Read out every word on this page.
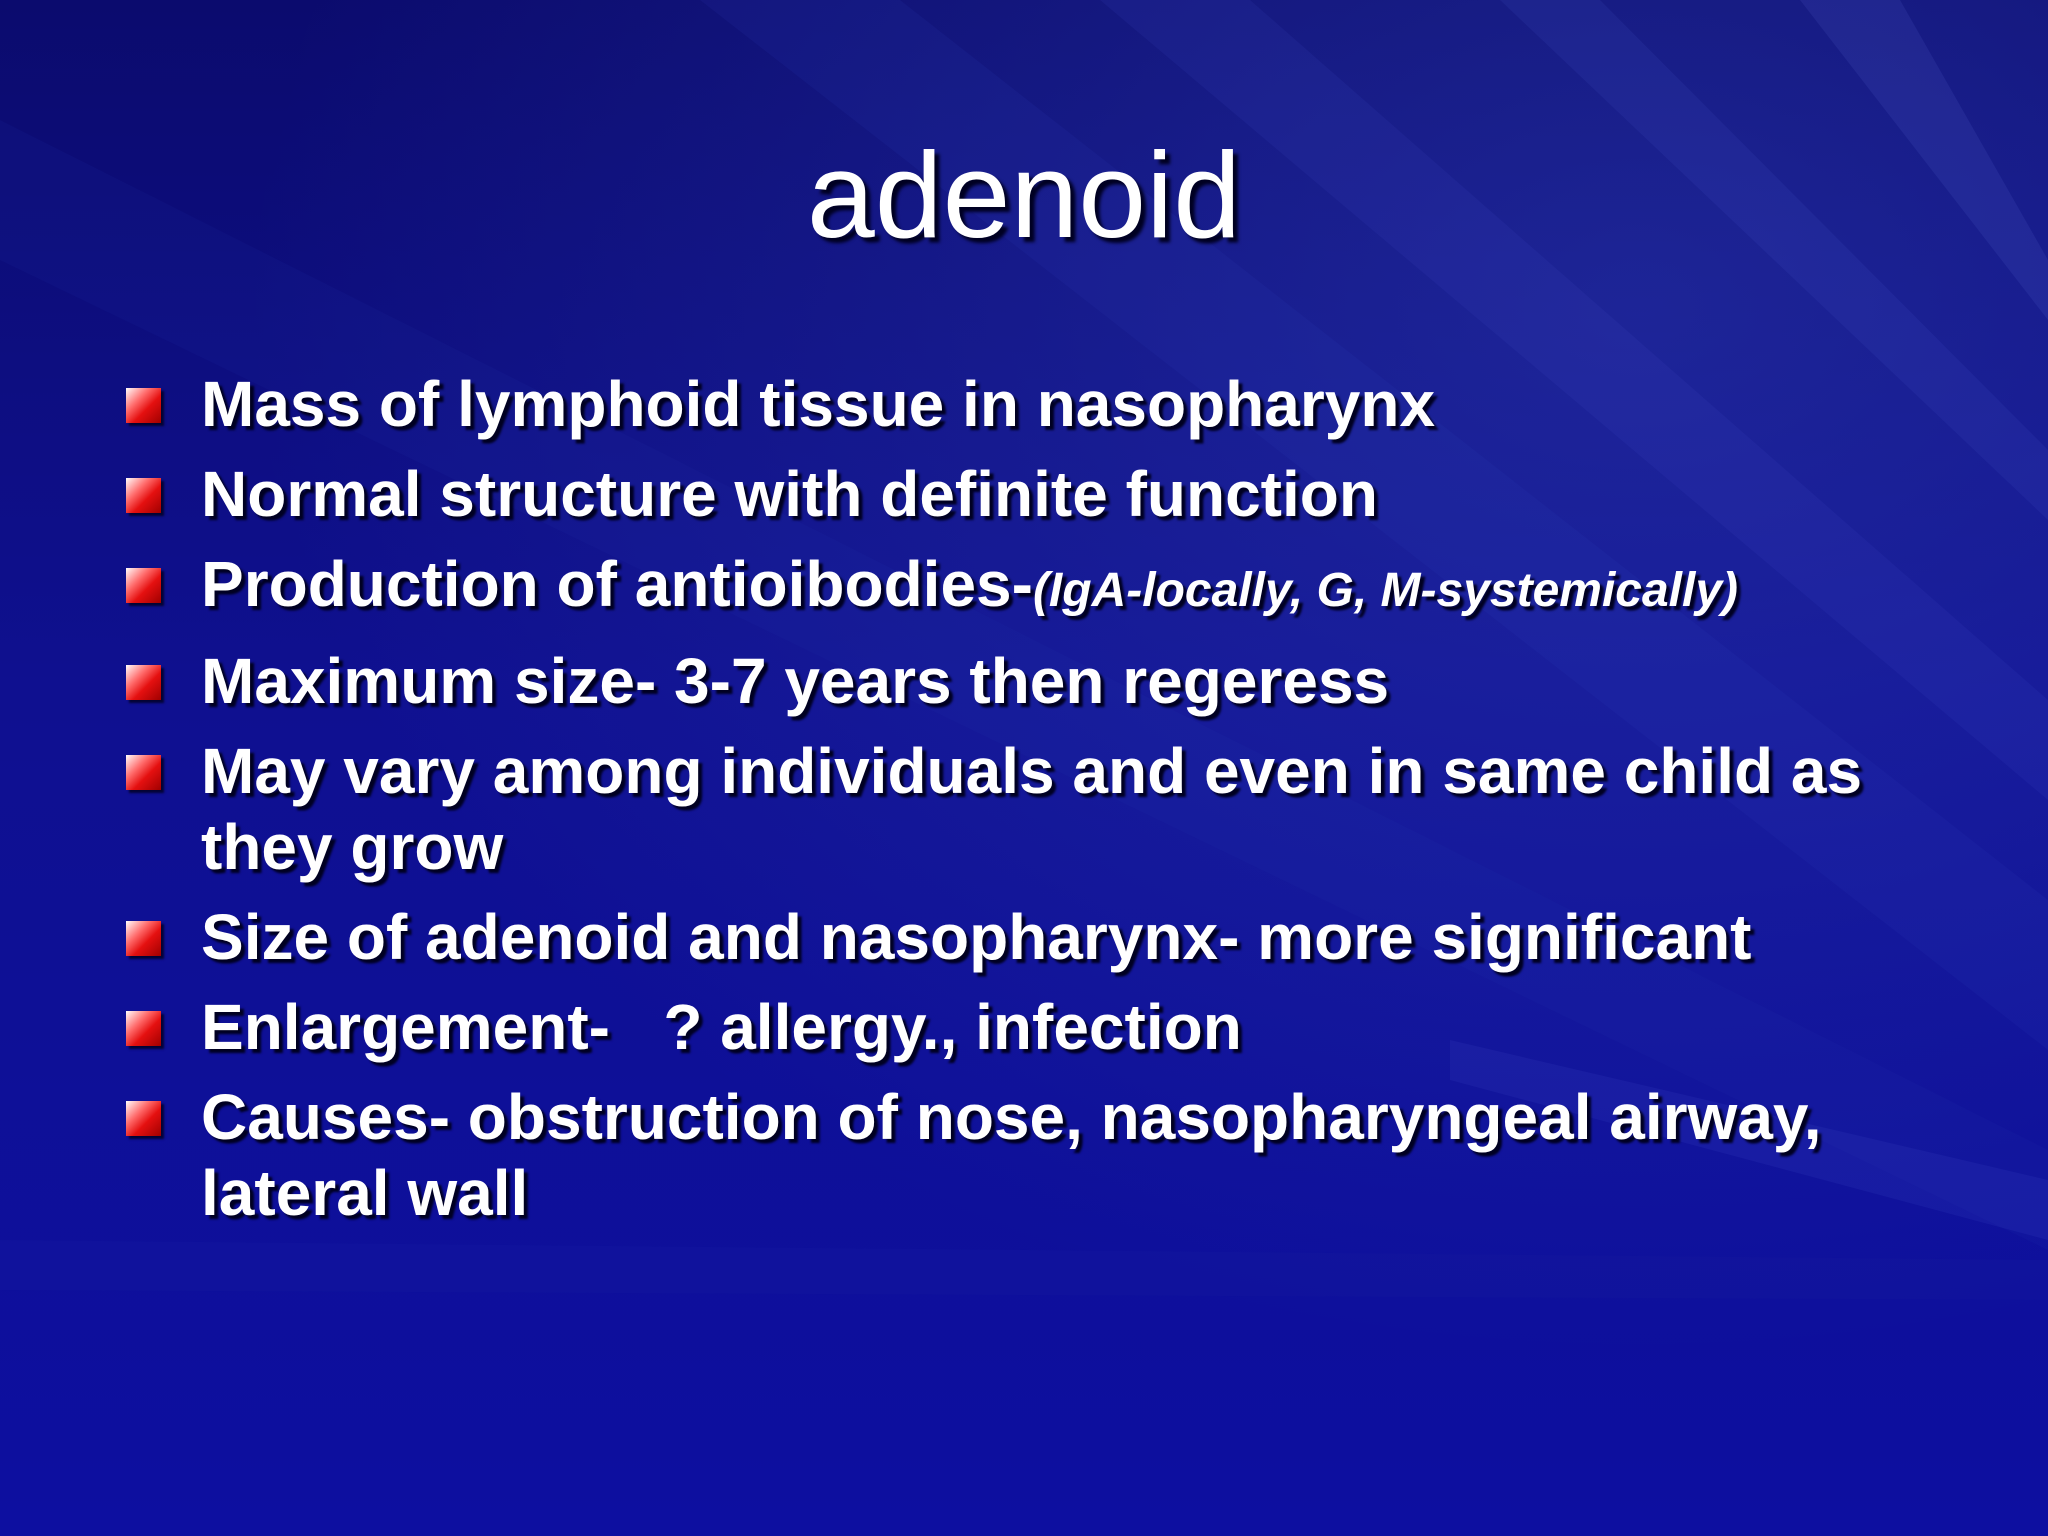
adenoid
Mass of lymphoid tissue in nasopharynx
Normal structure with definite function
Production of antioibodies-(IgA-locally, G, M-systemically)
Maximum size- 3-7 years then regeress
May vary among individuals and even in same child as they grow
Size of adenoid and nasopharynx- more significant
Enlargement-   ? allergy., infection
Causes- obstruction of nose, nasopharyngeal airway, lateral wall
